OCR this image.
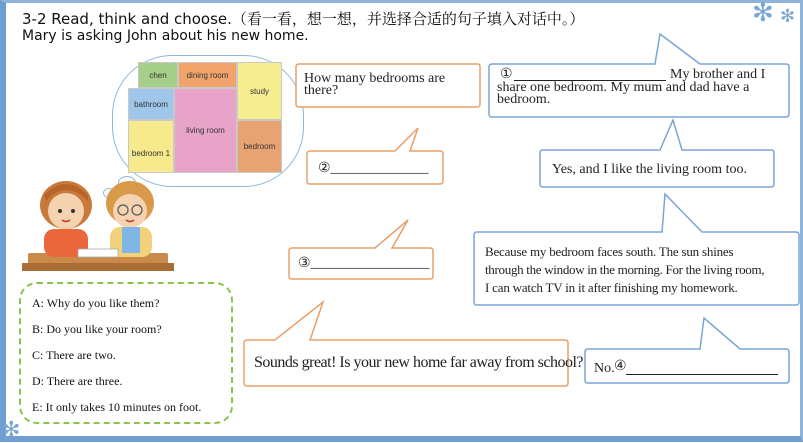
✻ ✻
✻
3-2 Read, think and choose.（看一看，想一想，并选择合适的句子填入对话中。）
Mary is asking John about his new home.
chen	dining room
study
bathroom
living room
bedroom 1
bedroom
How many bedrooms are
there?
②______________
③_________________
①	My brother and I
share one bedroom. My mum and dad have a
bedroom.
Yes, and I like the living room too.
Because my bedroom faces south. The sun shines
through the window in the morning. For the living room,
I can watch TV in it after finishing my homework.
Sounds great! Is your new home far away from school? No. ④
A: Why do you like them?
B: Do you like your room?
C: There are two.
D: There are three.
E: It only takes 10 minutes on foot.
